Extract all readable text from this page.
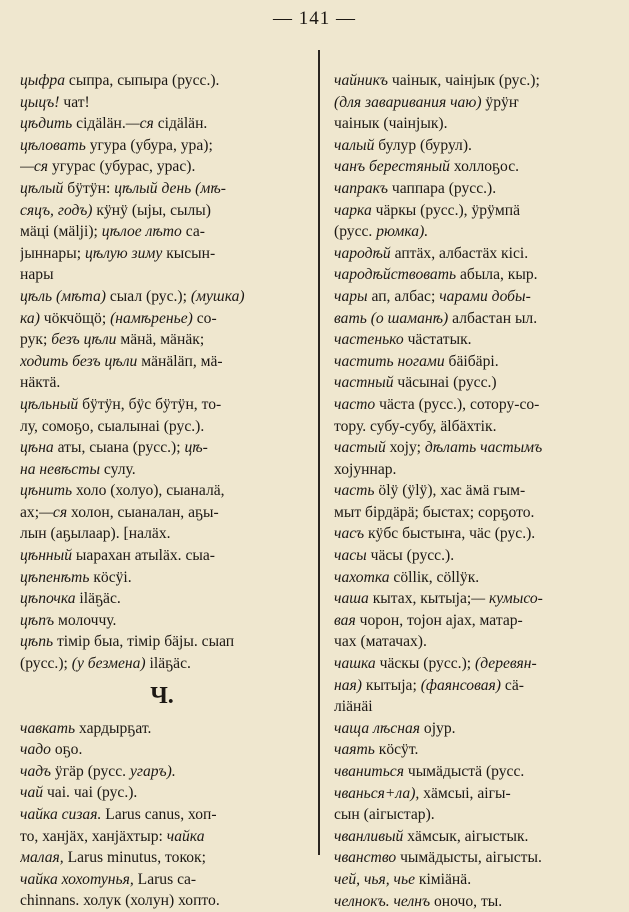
— 141 —
цыфра сыпра, сыпыра (русс.).
цыцъ! чат!
цѣдить сідäläн.—ся сідäläн.
цѣловать угура (убура, ура);
—ся угурас (убурас, урас).
цѣлый бӱтӱн: цѣлый день (мѣ-
сяцъ, годъ) кӱнӱ (ыjы, сылы)
мäці (мäljі); цѣлое лѣто са-
jыннары; цѣлую зиму кысын-
нары
цѣль (мѣта) сыал (рус.); (мушка)
ка) чӧкчӧщӧ; (намѣренье) со-
рук; безъ цѣли мäнä, мäнäк;
ходить безъ цѣли мäнäläп, мä-
нäктä.
цѣльный бӱтӱн, бӱс бӱтӱн, то-
лу, сомоҕо, сыалынаі (рус.).
цѣна аты, сыана (русс.); цѣ-
на невѣсты сулу.
цѣнить холо (холуо), сыаналä,
ах;—ся холон, сыаналан, аҕы-
лын (аҕылаар). [налäх.
цѣнный ыарахан атыläх. сыа-
цѣпенѣть кӧсӱі.
цѣпочка іläҕäс.
цѣпъ молоччу.
цѣпь тімір быа, тімір бäjы. сыап
(русс.); (у безмена) іläҕäс.
Ч.
чавкать хардырҕат.
чадо оҕо.
чадъ ӱгäр (русс. угаръ).
чай чаі. чаі (рус.).
чайка сизая. Larus canus, хоп-
то, ханjäх, ханjäхтыр: чайка
малая, Larus minutus, токок;
чайка хохотунья, Larus ca-
chinnans. холук (холун) хопто.
чайникъ чаінык, чаінjык (рус.);
(для заваривания чаю) ӱрӱҥ
чаінык (чаінjык).
чалый булур (бурул).
чанъ берестяный холлоҕос.
чапракъ чаппара (русс.).
чарка чäркы (русс.), ӱрӱмпä
(русс. рюмка).
чародѣй аптäх, албастäх кісі.
чародѣйствовать абыла, кыр.
чары ап, албас; чарами добы-
вать (о шаманѣ) албастан ыл.
частенько чäстатык.
частить ногами бäібäрі.
частный чäсынаі (русс.)
часто чäста (русс.), сотору-со-
тору. субу-субу, älбäхтік.
частый хоjу; дѣлать частымъ
хоjуннар.
часть ölӱ (ӱlӱ), хас äмä гым-
мыт бірдäрä; быстах; сорҕото.
часъ кӱбс быстыҥа, чäс (рус.).
часы чäсы (русс.).
чахотка сöllік, сöllӱк.
чаша кытах, кытыjа;— кумысо-
вая чорон, тоjон аjах, матар-
чах (матачах).
чашка чäскы (русс.); (деревян-
ная) кытыjа; (фаянсовая) сä-
ліäнäі
чаща лѣсная оjур.
чаять кöсӱт.
чваниться чымäдыстä (русс.
чванься+ла), хäмсыі, аігы-
сын (аігыстар).
чванливый хäмсык, аігыстык.
чванство чымäдысты, аігысты.
чей, чья, чье кімiäнä.
челнокъ. челнъ оночо, ты.
